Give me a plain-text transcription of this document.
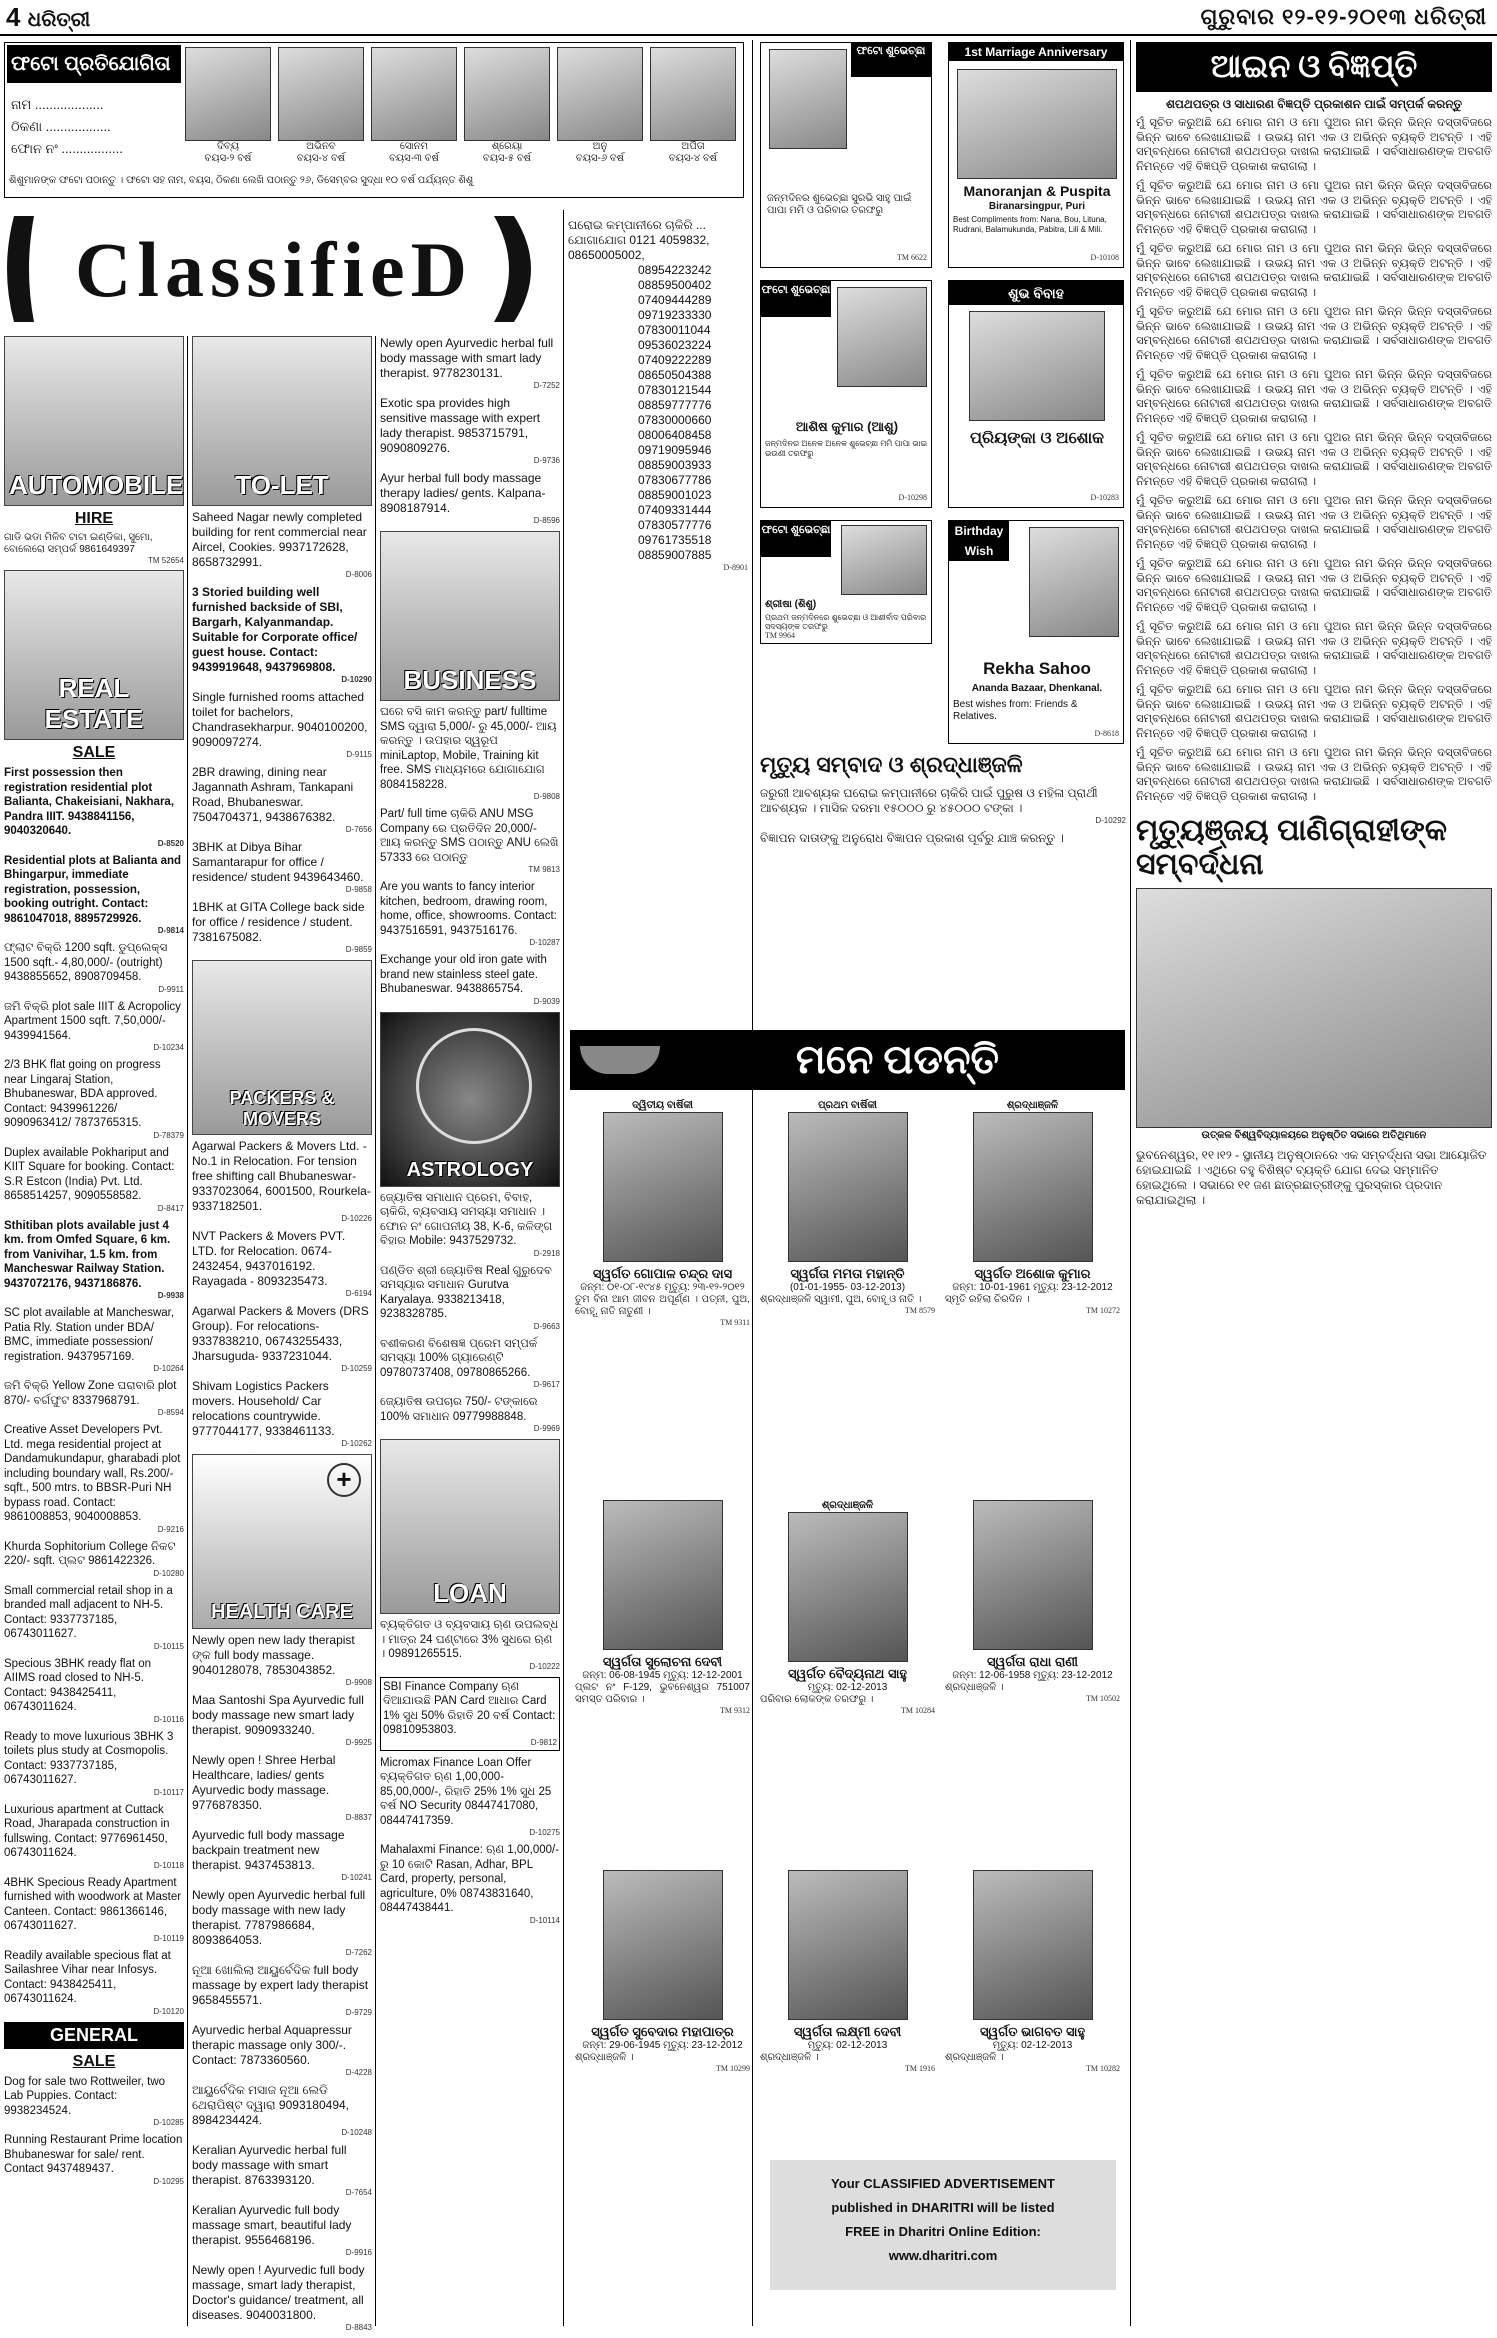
4 ଧରିତ୍ରୀ	ଗୁରୁବାର ୧୨-୧୨-୨୦୧୩ ଧରିତ୍ରୀ
ଫଟୋ ପ୍ରତିଯୋଗିତା
ନାମ ...................
ଠିକଣା ..................
ଫୋନ ନଂ .................	ଦିବ୍ୟ
ବୟସ-୨ ବର୍ଷ
ଅଭିନବ
ବୟସ-୪ ବର୍ଷ
ସୋନମ
ବୟସ-୩ ବର୍ଷ
ଶ୍ରେୟା
ବୟସ-୫ ବର୍ଷ
ଅନୁ
ବୟସ-୬ ବର୍ଷ
ଅର୍ପିତା
ବୟସ-୪ ବର୍ଷ
ଶିଶୁମାନଙ୍କ ଫଟୋ ପଠାନ୍ତୁ । ଫଟୋ ସହ ନାମ, ବୟସ, ଠିକଣା ଲେଖି ପଠାନ୍ତୁ ୨୬, ଡିସେମ୍ବର ସୁଦ୍ଧା ୧୦ ବର୍ଷ ପର୍ଯ୍ୟନ୍ତ ଶିଶୁ
ClassifieD
AUTOMOBILE
HIRE
ଗାଡି ଭଡା ମିଳିବ ଟାଟା ଇଣ୍ଡିକା, ସୁମୋ, ବୋଲେରୋ ସମ୍ପର୍କ 9861649397
TM 52654
REAL ESTATE
SALE
First possession then registration residential plot Balianta, Chakeisiani, Nakhara, Pandra IIIT. 9438841156, 9040320640.
D-8520
Residential plots at Balianta and Bhingarpur, immediate registration, possession, booking outright. Contact: 9861047018, 8895729926.
D-9814
ଫ୍ଲାଟ ବିକ୍ରି 1200 sqft. ଡୁପ୍ଲେକ୍ସ 1500 sqft.- 4,80,000/- (outright) 9438855652, 8908709458.
D-9911
ଜମି ବିକ୍ରି plot sale IIIT & Acropolicy Apartment 1500 sqft. 7,50,000/- 9439941564.
D-10234
2/3 BHK flat going on progress near Lingaraj Station, Bhubaneswar, BDA approved. Contact: 9439961226/ 9090963412/ 7873765315.
D-78379
Duplex available Pokhariput and KIIT Square for booking. Contact: S.R Estcon (India) Pvt. Ltd. 8658514257, 9090558582.
D-8417
Sthitiban plots available just 4 km. from Omfed Square, 6 km. from Vanivihar, 1.5 km. from Mancheswar Railway Station. 9437072176, 9437186876.
D-9938
SC plot available at Mancheswar, Patia Rly. Station under BDA/ BMC, immediate possession/ registration. 9437957169.
D-10264
ଜମି ବିକ୍ରି Yellow Zone ଘରାବାରି plot 870/- ବର୍ଗଫୁଟ 8337968791.
D-8594
Creative Asset Developers Pvt. Ltd. mega residential project at Dandamukundapur, gharabadi plot including boundary wall, Rs.200/- sqft., 500 mtrs. to BBSR-Puri NH bypass road. Contact: 9861008853, 9040008853.
D-9216
Khurda Sophitorium College ନିକଟ 220/- sqft. ପ୍ଲଟ 9861422326.
D-10280
Small commercial retail shop in a branded mall adjacent to NH-5. Contact: 9337737185, 06743011627.
D-10115
Specious 3BHK ready flat on AIIMS road closed to NH-5. Contact: 9438425411, 06743011624.
D-10116
Ready to move luxurious 3BHK 3 toilets plus study at Cosmopolis. Contact: 9337737185, 06743011627.
D-10117
Luxurious apartment at Cuttack Road, Jharapada construction in fullswing. Contact: 9776961450, 06743011624.
D-10118
4BHK Specious Ready Apartment furnished with woodwork at Master Canteen. Contact: 9861366146, 06743011627.
D-10119
Readily available specious flat at Sailashree Vihar near Infosys. Contact: 9438425411, 06743011624.
D-10120
GENERAL
SALE
Dog for sale two Rottweiler, two Lab Puppies. Contact: 9938234524.
D-10285
Running Restaurant Prime location Bhubaneswar for sale/ rent. Contact 9437489437.
D-10295
TO-LET
Saheed Nagar newly completed building for rent commercial near Aircel, Cookies. 9937172628, 8658732991.
D-8006
3 Storied building well furnished backside of SBI, Bargarh, Kalyanmandap. Suitable for Corporate office/ guest house. Contact: 9439919648, 9437969808.
D-10290
Single furnished rooms attached toilet for bachelors, Chandrasekharpur. 9040100200, 9090097274.
D-9115
2BR drawing, dining near Jagannath Ashram, Tankapani Road, Bhubaneswar. 7504704371, 9438676382.
D-7656
3BHK at Dibya Bihar Samantarapur for office / residence/ student 9439643460.
D-9858
1BHK at GITA College back side for office / residence / student. 7381675082.
D-9859
PACKERS & MOVERS
Agarwal Packers & Movers Ltd. - No.1 in Relocation. For tension free shifting call Bhubaneswar- 9337023064, 6001500, Rourkela- 9337182501.
D-10226
NVT Packers & Movers PVT. LTD. for Relocation. 0674-2432454, 9437016192. Rayagada - 8093235473.
D-6194
Agarwal Packers & Movers (DRS Group). For relocations- 9337838210, 06743255433, Jharsuguda- 9337231044.
D-10259
Shivam Logistics Packers movers. Household/ Car relocations countrywide. 9777044177, 9338461133.
D-10262
+
HEALTH CARE
Newly open new lady therapist ଙ୍କ full body massage. 9040128078, 7853043852.
D-9908
Maa Santoshi Spa Ayurvedic full body massage new smart lady therapist. 9090933240.
D-9925
Newly open ! Shree Herbal Healthcare, ladies/ gents Ayurvedic body massage. 9776878350.
D-8837
Ayurvedic full body massage backpain treatment new therapist. 9437453813.
D-10241
Newly open Ayurvedic herbal full body massage with new lady therapist. 7787986684, 8093864053.
D-7262
ନୂଆ ଖୋଲିଲା ଆୟୁର୍ବେଦିକ full body massage by expert lady therapist 9658455571.
D-9729
Ayurvedic herbal Aquapressur therapic massage only 300/-. Contact: 7873360560.
D-4228
ଆୟୁର୍ବେଦିକ ମସାଜ ନୂଆ ଲେଡି ଥେରାପିଷ୍ଟ ଦ୍ୱାରା 9093180494, 8984234424.
D-10248
Keralian Ayurvedic herbal full body massage with smart therapist. 8763393120.
D-7654
Keralian Ayurvedic full body massage smart, beautiful lady therapist. 9556468196.
D-9916
Newly open ! Ayurvedic full body massage, smart lady therapist, Doctor's guidance/ treatment, all diseases. 9040031800.
D-8843
Newly open Ayurvedic herbal full body massage with smart lady therapist. 9778230131.
D-7252
Exotic spa provides high sensitive massage with expert lady therapist. 9853715791, 9090809276.
D-9736
Ayur herbal full body massage therapy ladies/ gents. Kalpana- 8908187914.
D-8596
BUSINESS
ଘରେ ବସି କାମ କରନ୍ତୁ part/ fulltime SMS ଦ୍ୱାରା 5,000/- ରୁ 45,000/- ଆୟ କରନ୍ତୁ । ଉପହାର ସ୍ୱରୂପ miniLaptop, Mobile, Training kit free. SMS ମାଧ୍ୟମରେ ଯୋଗାଯୋଗ 8084158228.
D-9808
Part/ full time ଚାକିରି ANU MSG Company ରେ ପ୍ରତିଦିନ 20,000/- ଆୟ କରନ୍ତୁ SMS ପଠାନ୍ତୁ ANU ଲେଖି 57333 ରେ ପଠାନ୍ତୁ
TM 9813
Are you wants to fancy interior kitchen, bedroom, drawing room, home, office, showrooms. Contact: 9437516591, 9437516176.
D-10287
Exchange your old iron gate with brand new stainless steel gate. Bhubaneswar. 9438865754.
D-9039
ASTROLOGY
ଜ୍ୟୋତିଷ ସମାଧାନ ପ୍ରେମ, ବିବାହ, ଚାକିରି, ବ୍ୟବସାୟ ସମସ୍ୟା ସମାଧାନ । ଫୋନ ନଂ ଗୋପନୀୟ 38, K-6, କଳିଙ୍ଗ ବିହାର Mobile: 9437529732.
D-2918
ପଣ୍ଡିତ ଶ୍ରୀ ଜ୍ୟୋତିଷ Real ଗୁରୁଦେବ ସମସ୍ୟାର ସମାଧାନ Gurutva Karyalaya. 9338213418, 9238328785.
D-9663
ବଶୀକରଣ ବିଶେଷଜ୍ଞ ପ୍ରେମ ସମ୍ପର୍କ ସମସ୍ୟା 100% ଗ୍ୟାରେଣ୍ଟି 09780737408, 09780865266.
D-9617
ଜ୍ୟୋତିଷ ଉପଚାର 750/- ଟଙ୍କାରେ 100% ସମାଧାନ 09779988848.
D-9969
LOAN
ବ୍ୟକ୍ତିଗତ ଓ ବ୍ୟବସାୟ ଋଣ ଉପଲବ୍ଧ । ମାତ୍ର 24 ଘଣ୍ଟାରେ 3% ସୁଧରେ ଋଣ । 09891265515.
D-10222
SBI Finance Company ଋଣ ଦିଆଯାଉଛି PAN Card ଆଧାର Card 1% ସୁଧ 50% ରିହାତି 20 ବର୍ଷ Contact: 09810953803.
D-9812
Micromax Finance Loan Offer ବ୍ୟକ୍ତିଗତ ଋଣ 1,00,000- 85,00,000/-, ରିହାତି 25% 1% ସୁଧ 25 ବର୍ଷ NO Security 08447417080, 08447417359.
D-10275
Mahalaxmi Finance: ଋଣ 1,00,000/- ରୁ 10 କୋଟି Rasan, Adhar, BPL Card, property, personal, agriculture, 0% 08743831640, 08447438441.
D-10114
ଘରୋଇ କମ୍ପାନୀରେ ଚାକିରି ... ଯୋଗାଯୋଗ 0121 4059832, 08650005002,
08954223242
08859500402
07409444289
09719233330
07830011044
09536023224
07409222289
08650504388
07830121544
08859777776
07830000660
08006408458
09719095946
08859003933
07830677786
08859001023
07409331444
07830577776
09761735518
08859007885
D-8901
ଫଟୋ ଶୁଭେଚ୍ଛା
ଜନ୍ମଦିନର ଶୁଭେଚ୍ଛା ସୁରଭି ସାହୁ ପାଇଁ ପାପା ମମି ଓ ପରିବାର ତରଫରୁ
TM 6622
1st Marriage Anniversary
Manoranjan & Puspita
Biranarsingpur, Puri
Best Compliments from: Nana, Bou, Lituna, Rudrani, Balamukunda, Pabitra, Lili & Mili.
D-10108
ଫଟୋ ଶୁଭେଚ୍ଛା
ଆଶିଷ କୁମାର (ଆଶୁ)
ଜନ୍ମଦିନର ଅନେକ ଅନେକ ଶୁଭେଚ୍ଛା ମମି ପାପା ଭାଇ ଭଉଣୀ ତରଫରୁ
D-10298
ଶୁଭ ବିବାହ
ପ୍ରିୟଙ୍କା ଓ ଅଶୋକ
D-10283
ଫଟୋ ଶୁଭେଚ୍ଛା
ଶ୍ରୀଷା (ଶିଶୁ)
ପ୍ରଥମ ଜନ୍ମଦିନରେ ଶୁଭେଚ୍ଛା ଓ ଆଶୀର୍ବାଦ ପରିବାର ସଦସ୍ୟଙ୍କ ତରଫରୁ
TM 9964
Birthday Wish
Rekha Sahoo
Ananda Bazaar, Dhenkanal.
Best wishes from: Friends & Relatives.
D-8618
ମୃତ୍ୟୁ ସମ୍ବାଦ ଓ ଶ୍ରଦ୍ଧାଞ୍ଜଳି
ଜରୁରୀ ଆବଶ୍ୟକ ଘରୋଇ କମ୍ପାନୀରେ ଚାକିରି ପାଇଁ ପୁରୁଷ ଓ ମହିଳା ପ୍ରାର୍ଥୀ ଆବଶ୍ୟକ । ମାସିକ ଦରମା ୧୫୦୦୦ ରୁ ୪୫୦୦୦ ଟଙ୍କା ।
D-10292
ବିଜ୍ଞାପନ ଦାତାଙ୍କୁ ଅନୁରୋଧ ବିଜ୍ଞାପନ ପ୍ରକାଶ ପୂର୍ବରୁ ଯାଞ୍ଚ କରନ୍ତୁ ।
ମନେ ପଡନ୍ତି
ଦ୍ୱିତୀୟ ବାର୍ଷିକୀ
ସ୍ୱର୍ଗତ ଗୋପାଳ ଚନ୍ଦ୍ର ଦାସ
ଜନ୍ମ: ୦୧-୦୮-୧୯୪୫ ମୃତ୍ୟୁ: ୨୩-୧୨-୨୦୧୨
ତୁମ ବିନା ଆମ ଜୀବନ ଅପୂର୍ଣ୍ଣ । ପତ୍ନୀ, ପୁଅ, ବୋହୂ, ନାତି ନାତୁଣୀ ।
TM 9311
ପ୍ରଥମ ବାର୍ଷିକୀ
ସ୍ୱର୍ଗତା ମମତା ମହାନ୍ତି
(01-01-1955- 03-12-2013)
ଶ୍ରଦ୍ଧାଞ୍ଜଳି ସ୍ୱାମୀ, ପୁଅ, ବୋହୂ ଓ ନାତି ।
TM 8579
ଶ୍ରଦ୍ଧାଞ୍ଜଳି
ସ୍ୱର୍ଗତ ଅଶୋକ କୁମାର
ଜନ୍ମ: 10-01-1961 ମୃତ୍ୟୁ: 23-12-2012
ସ୍ମୃତି ରହିଲା ଚିରଦିନ ।
TM 10272
ସ୍ୱର୍ଗତା ସୁଲୋଚନା ଦେବୀ
ଜନ୍ମ: 06-08-1945 ମୃତ୍ୟୁ: 12-12-2001
ପ୍ଲଟ ନଂ F-129, ଭୁବନେଶ୍ୱର 751007 ସମସ୍ତ ପରିବାର ।
TM 9312
ଶ୍ରଦ୍ଧାଞ୍ଜଳି
ସ୍ୱର୍ଗତ ବୈଦ୍ୟନାଥ ସାହୁ
ମୃତ୍ୟୁ: 02-12-2013
ପରିବାର ଲୋକଙ୍କ ତରଫରୁ ।
TM 10284
ସ୍ୱର୍ଗତା ରାଧା ରାଣୀ
ଜନ୍ମ: 12-06-1958 ମୃତ୍ୟୁ: 23-12-2012
ଶ୍ରଦ୍ଧାଞ୍ଜଳି ।
TM 10502
ସ୍ୱର୍ଗତ ସୁବେଦାର ମହାପାତ୍ର
ଜନ୍ମ: 29-06-1945 ମୃତ୍ୟୁ: 23-12-2012
ଶ୍ରଦ୍ଧାଞ୍ଜଳି ।
TM 10299
ସ୍ୱର୍ଗତା ଲକ୍ଷ୍ମୀ ଦେବୀ
ମୃତ୍ୟୁ: 02-12-2013
ଶ୍ରଦ୍ଧାଞ୍ଜଳି ।
TM 1916
ସ୍ୱର୍ଗତ ଭାଗବତ ସାହୁ
ମୃତ୍ୟୁ: 02-12-2013
ଶ୍ରଦ୍ଧାଞ୍ଜଳି ।
TM 10282
Your CLASSIFIED ADVERTISEMENT
published in DHARITRI will be listed
FREE in Dharitri Online Edition:
www.dharitri.com
ଆଇନ ଓ ବିଜ୍ଞପ୍ତି
ଶପଥପତ୍ର ଓ ସାଧାରଣ ବିଜ୍ଞପ୍ତି ପ୍ରକାଶନ ପାଇଁ ସମ୍ପର୍କ କରନ୍ତୁ
ମୁଁ ସୂଚିତ କରୁଅଛି ଯେ ମୋର ନାମ ଓ ମୋ ପୁଅର ନାମ ଭିନ୍ନ ଭିନ୍ନ ଦସ୍ତାବିଜରେ ଭିନ୍ନ ଭାବେ ଲେଖାଯାଇଛି । ଉଭୟ ନାମ ଏକ ଓ ଅଭିନ୍ନ ବ୍ୟକ୍ତି ଅଟନ୍ତି । ଏହି ସମ୍ବନ୍ଧରେ ନୋଟାରୀ ଶପଥପତ୍ର ଦାଖଲ କରାଯାଇଛି । ସର୍ବସାଧାରଣଙ୍କ ଅବଗତି ନିମନ୍ତେ ଏହି ବିଜ୍ଞପ୍ତି ପ୍ରକାଶ କରାଗଲା ।
ମୁଁ ସୂଚିତ କରୁଅଛି ଯେ ମୋର ନାମ ଓ ମୋ ପୁଅର ନାମ ଭିନ୍ନ ଭିନ୍ନ ଦସ୍ତାବିଜରେ ଭିନ୍ନ ଭାବେ ଲେଖାଯାଇଛି । ଉଭୟ ନାମ ଏକ ଓ ଅଭିନ୍ନ ବ୍ୟକ୍ତି ଅଟନ୍ତି । ଏହି ସମ୍ବନ୍ଧରେ ନୋଟାରୀ ଶପଥପତ୍ର ଦାଖଲ କରାଯାଇଛି । ସର୍ବସାଧାରଣଙ୍କ ଅବଗତି ନିମନ୍ତେ ଏହି ବିଜ୍ଞପ୍ତି ପ୍ରକାଶ କରାଗଲା ।
ମୁଁ ସୂଚିତ କରୁଅଛି ଯେ ମୋର ନାମ ଓ ମୋ ପୁଅର ନାମ ଭିନ୍ନ ଭିନ୍ନ ଦସ୍ତାବିଜରେ ଭିନ୍ନ ଭାବେ ଲେଖାଯାଇଛି । ଉଭୟ ନାମ ଏକ ଓ ଅଭିନ୍ନ ବ୍ୟକ୍ତି ଅଟନ୍ତି । ଏହି ସମ୍ବନ୍ଧରେ ନୋଟାରୀ ଶପଥପତ୍ର ଦାଖଲ କରାଯାଇଛି । ସର୍ବସାଧାରଣଙ୍କ ଅବଗତି ନିମନ୍ତେ ଏହି ବିଜ୍ଞପ୍ତି ପ୍ରକାଶ କରାଗଲା ।
ମୁଁ ସୂଚିତ କରୁଅଛି ଯେ ମୋର ନାମ ଓ ମୋ ପୁଅର ନାମ ଭିନ୍ନ ଭିନ୍ନ ଦସ୍ତାବିଜରେ ଭିନ୍ନ ଭାବେ ଲେଖାଯାଇଛି । ଉଭୟ ନାମ ଏକ ଓ ଅଭିନ୍ନ ବ୍ୟକ୍ତି ଅଟନ୍ତି । ଏହି ସମ୍ବନ୍ଧରେ ନୋଟାରୀ ଶପଥପତ୍ର ଦାଖଲ କରାଯାଇଛି । ସର୍ବସାଧାରଣଙ୍କ ଅବଗତି ନିମନ୍ତେ ଏହି ବିଜ୍ଞପ୍ତି ପ୍ରକାଶ କରାଗଲା ।
ମୁଁ ସୂଚିତ କରୁଅଛି ଯେ ମୋର ନାମ ଓ ମୋ ପୁଅର ନାମ ଭିନ୍ନ ଭିନ୍ନ ଦସ୍ତାବିଜରେ ଭିନ୍ନ ଭାବେ ଲେଖାଯାଇଛି । ଉଭୟ ନାମ ଏକ ଓ ଅଭିନ୍ନ ବ୍ୟକ୍ତି ଅଟନ୍ତି । ଏହି ସମ୍ବନ୍ଧରେ ନୋଟାରୀ ଶପଥପତ୍ର ଦାଖଲ କରାଯାଇଛି । ସର୍ବସାଧାରଣଙ୍କ ଅବଗତି ନିମନ୍ତେ ଏହି ବିଜ୍ଞପ୍ତି ପ୍ରକାଶ କରାଗଲା ।
ମୁଁ ସୂଚିତ କରୁଅଛି ଯେ ମୋର ନାମ ଓ ମୋ ପୁଅର ନାମ ଭିନ୍ନ ଭିନ୍ନ ଦସ୍ତାବିଜରେ ଭିନ୍ନ ଭାବେ ଲେଖାଯାଇଛି । ଉଭୟ ନାମ ଏକ ଓ ଅଭିନ୍ନ ବ୍ୟକ୍ତି ଅଟନ୍ତି । ଏହି ସମ୍ବନ୍ଧରେ ନୋଟାରୀ ଶପଥପତ୍ର ଦାଖଲ କରାଯାଇଛି । ସର୍ବସାଧାରଣଙ୍କ ଅବଗତି ନିମନ୍ତେ ଏହି ବିଜ୍ଞପ୍ତି ପ୍ରକାଶ କରାଗଲା ।
ମୁଁ ସୂଚିତ କରୁଅଛି ଯେ ମୋର ନାମ ଓ ମୋ ପୁଅର ନାମ ଭିନ୍ନ ଭିନ୍ନ ଦସ୍ତାବିଜରେ ଭିନ୍ନ ଭାବେ ଲେଖାଯାଇଛି । ଉଭୟ ନାମ ଏକ ଓ ଅଭିନ୍ନ ବ୍ୟକ୍ତି ଅଟନ୍ତି । ଏହି ସମ୍ବନ୍ଧରେ ନୋଟାରୀ ଶପଥପତ୍ର ଦାଖଲ କରାଯାଇଛି । ସର୍ବସାଧାରଣଙ୍କ ଅବଗତି ନିମନ୍ତେ ଏହି ବିଜ୍ଞପ୍ତି ପ୍ରକାଶ କରାଗଲା ।
ମୁଁ ସୂଚିତ କରୁଅଛି ଯେ ମୋର ନାମ ଓ ମୋ ପୁଅର ନାମ ଭିନ୍ନ ଭିନ୍ନ ଦସ୍ତାବିଜରେ ଭିନ୍ନ ଭାବେ ଲେଖାଯାଇଛି । ଉଭୟ ନାମ ଏକ ଓ ଅଭିନ୍ନ ବ୍ୟକ୍ତି ଅଟନ୍ତି । ଏହି ସମ୍ବନ୍ଧରେ ନୋଟାରୀ ଶପଥପତ୍ର ଦାଖଲ କରାଯାଇଛି । ସର୍ବସାଧାରଣଙ୍କ ଅବଗତି ନିମନ୍ତେ ଏହି ବିଜ୍ଞପ୍ତି ପ୍ରକାଶ କରାଗଲା ।
ମୁଁ ସୂଚିତ କରୁଅଛି ଯେ ମୋର ନାମ ଓ ମୋ ପୁଅର ନାମ ଭିନ୍ନ ଭିନ୍ନ ଦସ୍ତାବିଜରେ ଭିନ୍ନ ଭାବେ ଲେଖାଯାଇଛି । ଉଭୟ ନାମ ଏକ ଓ ଅଭିନ୍ନ ବ୍ୟକ୍ତି ଅଟନ୍ତି । ଏହି ସମ୍ବନ୍ଧରେ ନୋଟାରୀ ଶପଥପତ୍ର ଦାଖଲ କରାଯାଇଛି । ସର୍ବସାଧାରଣଙ୍କ ଅବଗତି ନିମନ୍ତେ ଏହି ବିଜ୍ଞପ୍ତି ପ୍ରକାଶ କରାଗଲା ।
ମୁଁ ସୂଚିତ କରୁଅଛି ଯେ ମୋର ନାମ ଓ ମୋ ପୁଅର ନାମ ଭିନ୍ନ ଭିନ୍ନ ଦସ୍ତାବିଜରେ ଭିନ୍ନ ଭାବେ ଲେଖାଯାଇଛି । ଉଭୟ ନାମ ଏକ ଓ ଅଭିନ୍ନ ବ୍ୟକ୍ତି ଅଟନ୍ତି । ଏହି ସମ୍ବନ୍ଧରେ ନୋଟାରୀ ଶପଥପତ୍ର ଦାଖଲ କରାଯାଇଛି । ସର୍ବସାଧାରଣଙ୍କ ଅବଗତି ନିମନ୍ତେ ଏହି ବିଜ୍ଞପ୍ତି ପ୍ରକାଶ କରାଗଲା ।
ମୁଁ ସୂଚିତ କରୁଅଛି ଯେ ମୋର ନାମ ଓ ମୋ ପୁଅର ନାମ ଭିନ୍ନ ଭିନ୍ନ ଦସ୍ତାବିଜରେ ଭିନ୍ନ ଭାବେ ଲେଖାଯାଇଛି । ଉଭୟ ନାମ ଏକ ଓ ଅଭିନ୍ନ ବ୍ୟକ୍ତି ଅଟନ୍ତି । ଏହି ସମ୍ବନ୍ଧରେ ନୋଟାରୀ ଶପଥପତ୍ର ଦାଖଲ କରାଯାଇଛି । ସର୍ବସାଧାରଣଙ୍କ ଅବଗତି ନିମନ୍ତେ ଏହି ବିଜ୍ଞପ୍ତି ପ୍ରକାଶ କରାଗଲା ।
ମୃତ୍ୟୁଞ୍ଜୟ ପାଣିଗ୍ରାହୀଙ୍କ ସମ୍ବର୍ଦ୍ଧନା
ଉତ୍କଳ ବିଶ୍ୱବିଦ୍ୟାଳୟରେ ଅନୁଷ୍ଠିତ ସଭାରେ ଅତିଥିମାନେ
ଭୁବନେଶ୍ୱର, ୧୧।୧୨ - ସ୍ଥାନୀୟ ଅନୁଷ୍ଠାନରେ ଏକ ସମ୍ବର୍ଦ୍ଧନା ସଭା ଆୟୋଜିତ ହୋଇଯାଇଛି । ଏଥିରେ ବହୁ ବିଶିଷ୍ଟ ବ୍ୟକ୍ତି ଯୋଗ ଦେଇ ସମ୍ମାନିତ ହୋଇଥିଲେ । ସଭାରେ ୧୧ ଜଣ ଛାତ୍ରଛାତ୍ରୀଙ୍କୁ ପୁରସ୍କାର ପ୍ରଦାନ କରାଯାଇଥିଲା ।
